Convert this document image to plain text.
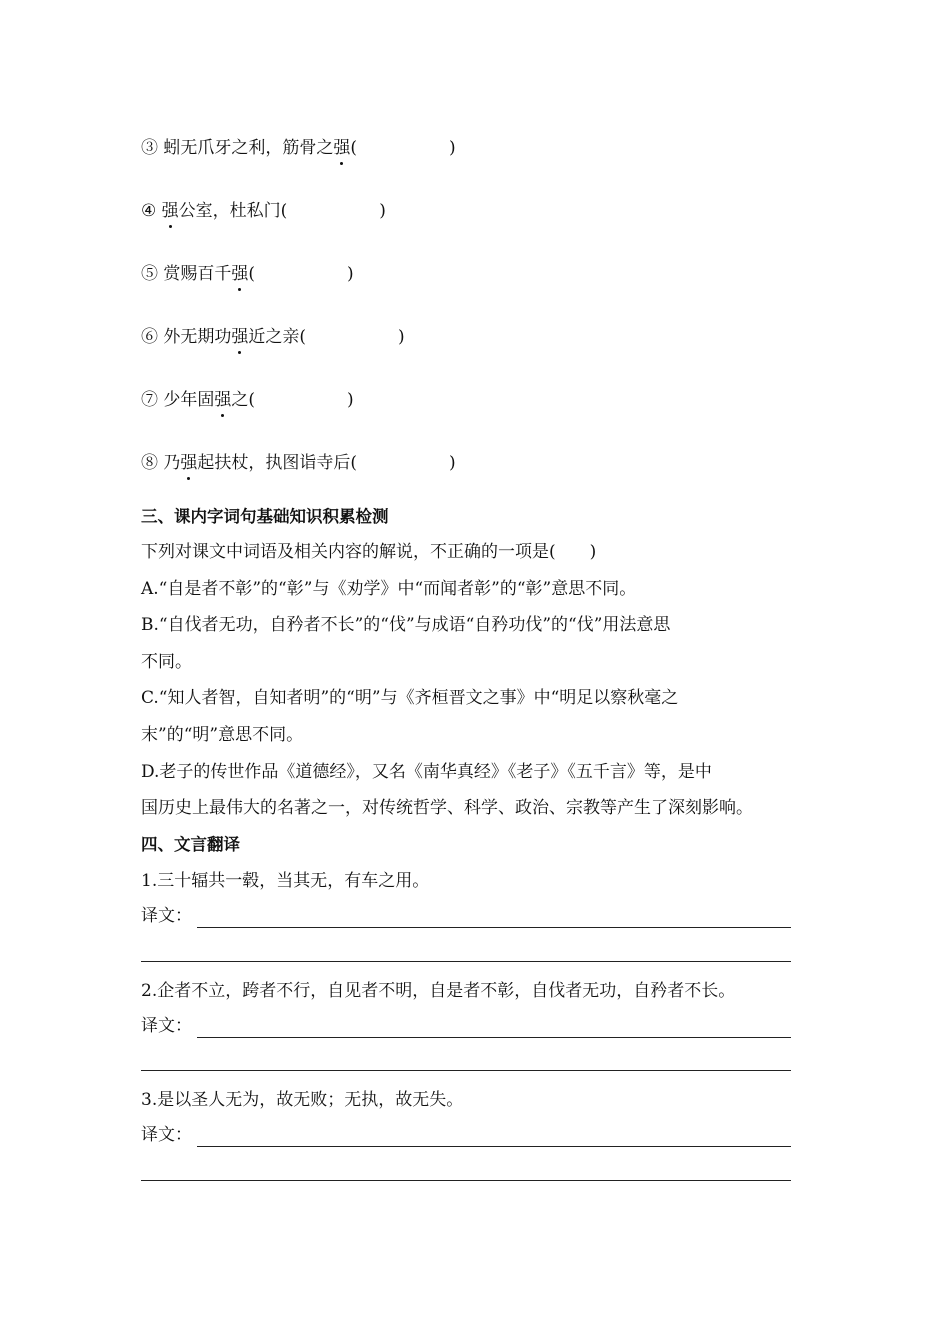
③ 蚓无爪牙之利，筋骨之强(	)
④ 强公室，杜私门(	)
⑤ 赏赐百千强(	)
⑥ 外无期功强近之亲(	)
⑦ 少年固强之(	)
⑧ 乃强起扶杖，执图诣寺后(	)
三、课内字词句基础知识积累检测
下列对课文中词语及相关内容的解说，不正确的一项是(　　)
A.“自是者不彰”的“彰”与《劝学》中“而闻者彰”的“彰”意思不同。
B.“自伐者无功，自矜者不长”的“伐”与成语“自矜功伐”的“伐”用法意思
不同。
C.“知人者智，自知者明”的“明”与《齐桓晋文之事》中“明足以察秋毫之
末”的“明”意思不同。
D.老子的传世作品《道德经》，又名《南华真经》《老子》《五千言》等，是中
国历史上最伟大的名著之一，对传统哲学、科学、政治、宗教等产生了深刻影响。
四、文言翻译
1.三十辐共一毂，当其无，有车之用。
译文：
2.企者不立，跨者不行，自见者不明，自是者不彰，自伐者无功，自矜者不长。
译文：
3.是以圣人无为，故无败；无执，故无失。
译文：
